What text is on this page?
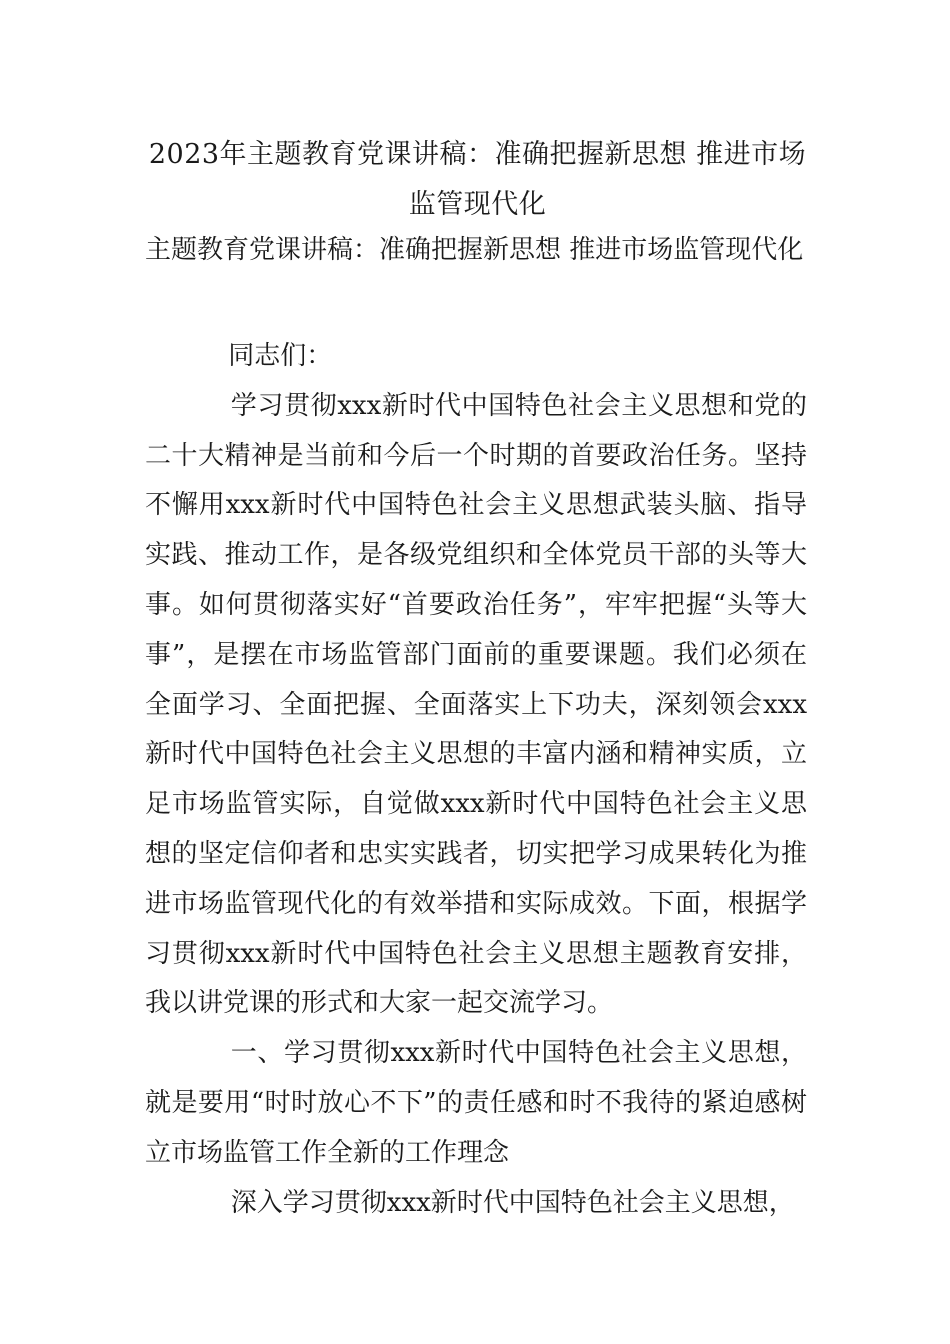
2023年主题教育党课讲稿：准确把握新思想 推进市场监管现代化
主题教育党课讲稿：准确把握新思想 推进市场监管现代化

同志们：

学习贯彻xxx新时代中国特色社会主义思想和党的二十大精神是当前和今后一个时期的首要政治任务。坚持不懈用xxx新时代中国特色社会主义思想武装头脑、指导实践、推动工作，是各级党组织和全体党员干部的头等大事。如何贯彻落实好“首要政治任务”，牢牢把握“头等大事”，是摆在市场监管部门面前的重要课题。我们必须在全面学习、全面把握、全面落实上下功夫，深刻领会xxx新时代中国特色社会主义思想的丰富内涵和精神实质，立足市场监管实际，自觉做xxx新时代中国特色社会主义思想的坚定信仰者和忠实实践者，切实把学习成果转化为推进市场监管现代化的有效举措和实际成效。下面，根据学习贯彻xxx新时代中国特色社会主义思想主题教育安排，我以讲党课的形式和大家一起交流学习。

一、学习贯彻xxx新时代中国特色社会主义思想，就是要用“时时放心不下”的责任感和时不我待的紧迫感树立市场监管工作全新的工作理念

深入学习贯彻xxx新时代中国特色社会主义思想，
